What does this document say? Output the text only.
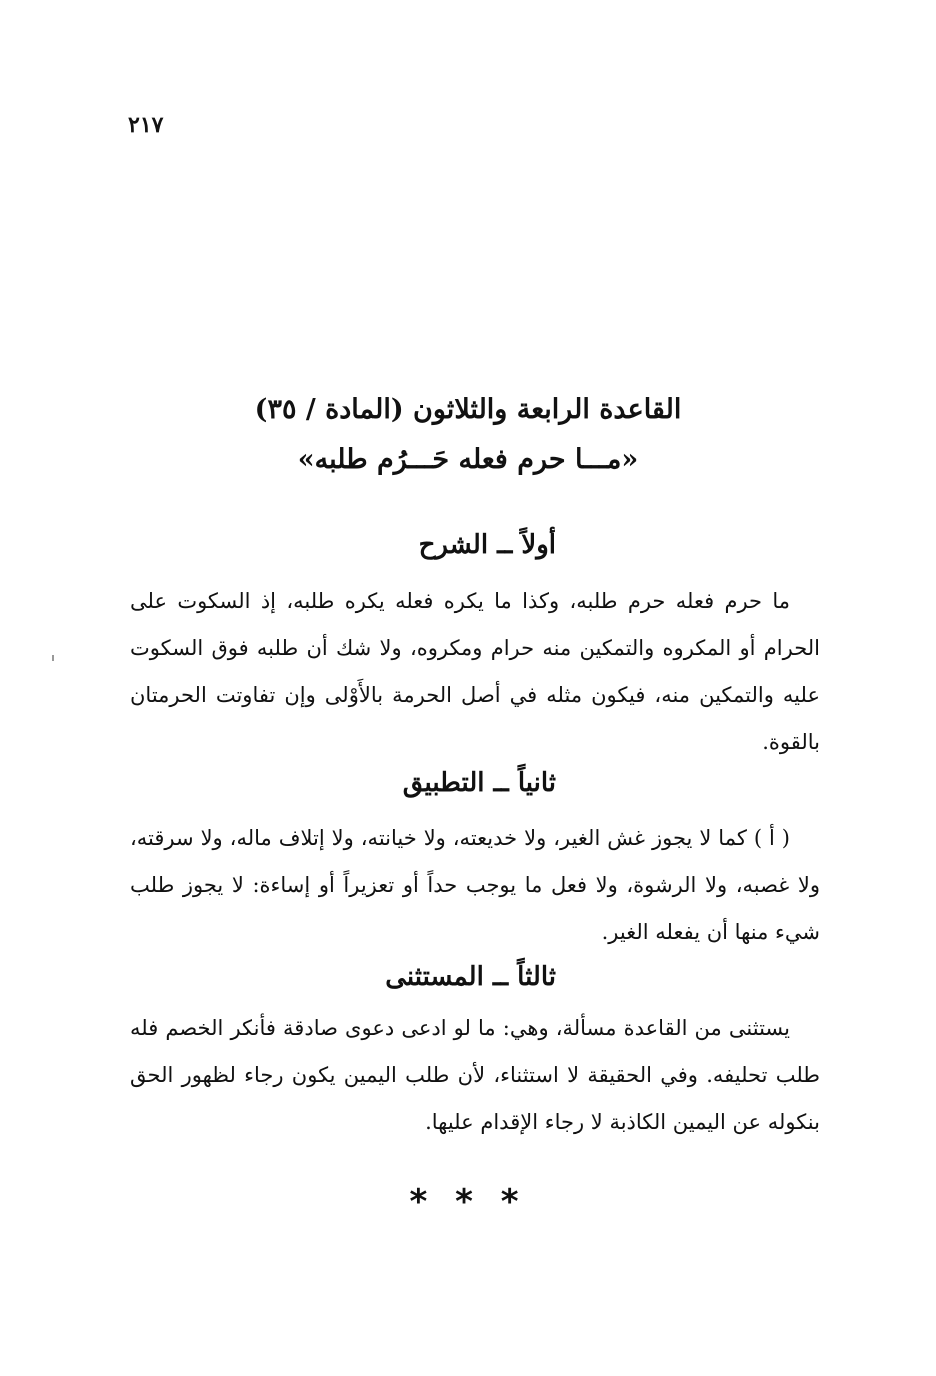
٢١٧

القاعدة الرابعة والثلاثون (المادة / ٣٥)

«مـــا حرم فعله حَـــرُم طلبه»

أولاً ــ الشرح

ما حرم فعله حرم طلبه، وكذا ما يكره فعله يكره طلبه، إذ السكوت على الحرام أو المكروه والتمكين منه حرام ومكروه، ولا شك أن طلبه فوق السكوت عليه والتمكين منه، فيكون مثله في أصل الحرمة بالأَوْلى وإن تفاوتت الحرمتان بالقوة.

ثانياً ــ التطبيق

( أ ) كما لا يجوز غش الغير، ولا خديعته، ولا خيانته، ولا إتلاف ماله، ولا سرقته، ولا غصبه، ولا الرشوة، ولا فعل ما يوجب حداً أو تعزيراً أو إساءة: لا يجوز طلب شيء منها أن يفعله الغير.

ثالثاً ــ المستثنى

يستثنى من القاعدة مسألة، وهي: ما لو ادعى دعوى صادقة فأنكر الخصم فله طلب تحليفه. وفي الحقيقة لا استثناء، لأن طلب اليمين يكون رجاء لظهور الحق بنكوله عن اليمين الكاذبة لا رجاء الإقدام عليها.

* * *
